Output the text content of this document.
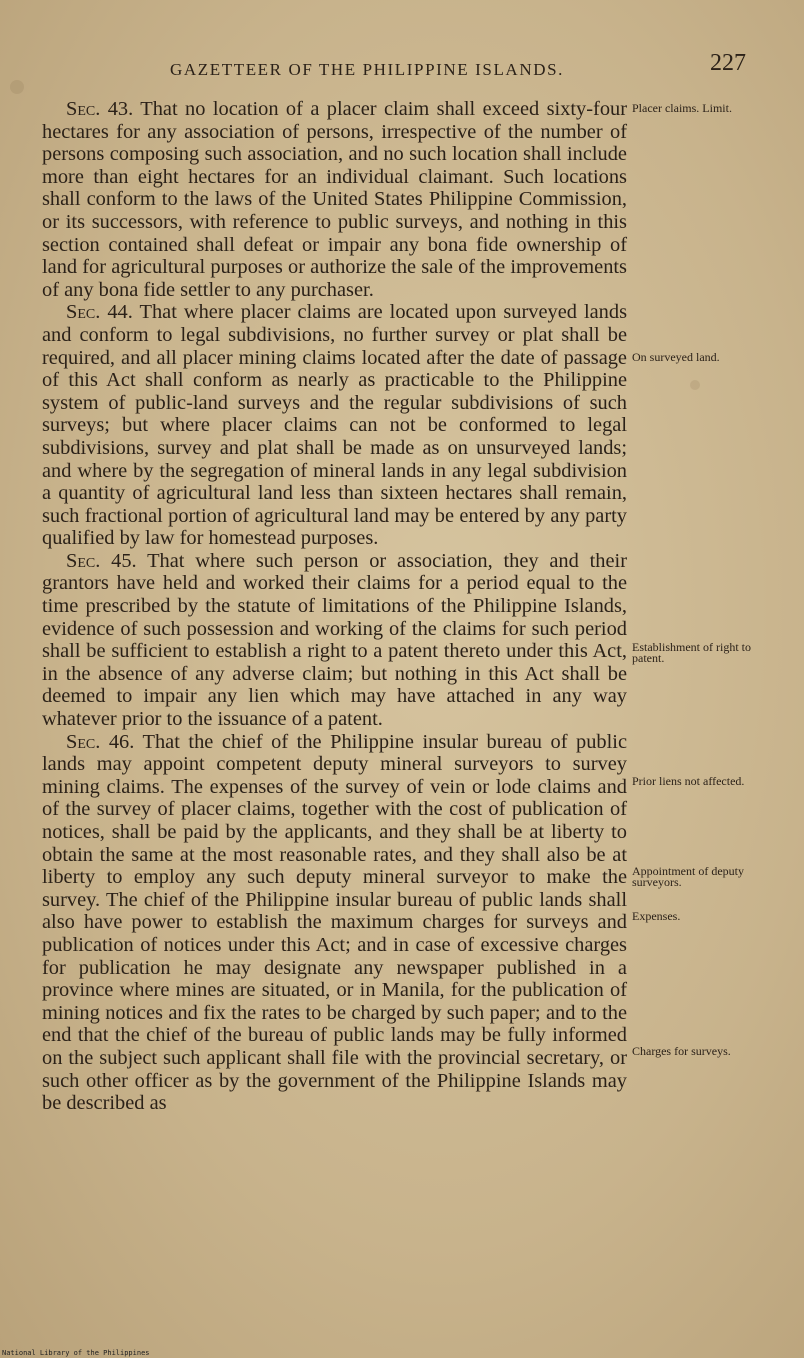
GAZETTEER OF THE PHILIPPINE ISLANDS.	227

Sec. 43. That no location of a placer claim shall exceed sixty-four hectares for any association of persons, irrespective of the number of persons composing such association, and no such location shall include more than eight hectares for an individual claimant. Such locations shall conform to the laws of the United States Philippine Commission, or its successors, with reference to public surveys, and nothing in this section contained shall defeat or impair any bona fide ownership of land for agricultural purposes or authorize the sale of the improvements of any bona fide settler to any purchaser.

Sec. 44. That where placer claims are located upon surveyed lands and conform to legal subdivisions, no further survey or plat shall be required, and all placer mining claims located after the date of passage of this Act shall conform as nearly as practicable to the Philippine system of public-land surveys and the regular subdivisions of such surveys; but where placer claims can not be conformed to legal subdivisions, survey and plat shall be made as on unsurveyed lands; and where by the segregation of mineral lands in any legal subdivision a quantity of agricultural land less than sixteen hectares shall remain, such fractional portion of agricultural land may be entered by any party qualified by law for homestead purposes.

Sec. 45. That where such person or association, they and their grantors have held and worked their claims for a period equal to the time prescribed by the statute of limitations of the Philippine Islands, evidence of such possession and working of the claims for such period shall be sufficient to establish a right to a patent thereto under this Act, in the absence of any adverse claim; but nothing in this Act shall be deemed to impair any lien which may have attached in any way whatever prior to the issuance of a patent.

Sec. 46. That the chief of the Philippine insular bureau of public lands may appoint competent deputy mineral surveyors to survey mining claims. The expenses of the survey of vein or lode claims and of the survey of placer claims, together with the cost of publication of notices, shall be paid by the applicants, and they shall be at liberty to obtain the same at the most reasonable rates, and they shall also be at liberty to employ any such deputy mineral surveyor to make the survey. The chief of the Philippine insular bureau of public lands shall also have power to establish the maximum charges for surveys and publication of notices under this Act; and in case of excessive charges for publication he may designate any newspaper published in a province where mines are situated, or in Manila, for the publication of mining notices and fix the rates to be charged by such paper; and to the end that the chief of the bureau of public lands may be fully informed on the subject such applicant shall file with the provincial secretary, or such other officer as by the government of the Philippine Islands may be described as

Placer claims. Limit.
On surveyed land.
Establishment of right to patent.
Prior liens not affected.
Appointment of deputy surveyors.
Expenses.
Charges for surveys.
National Library of the Philippines
